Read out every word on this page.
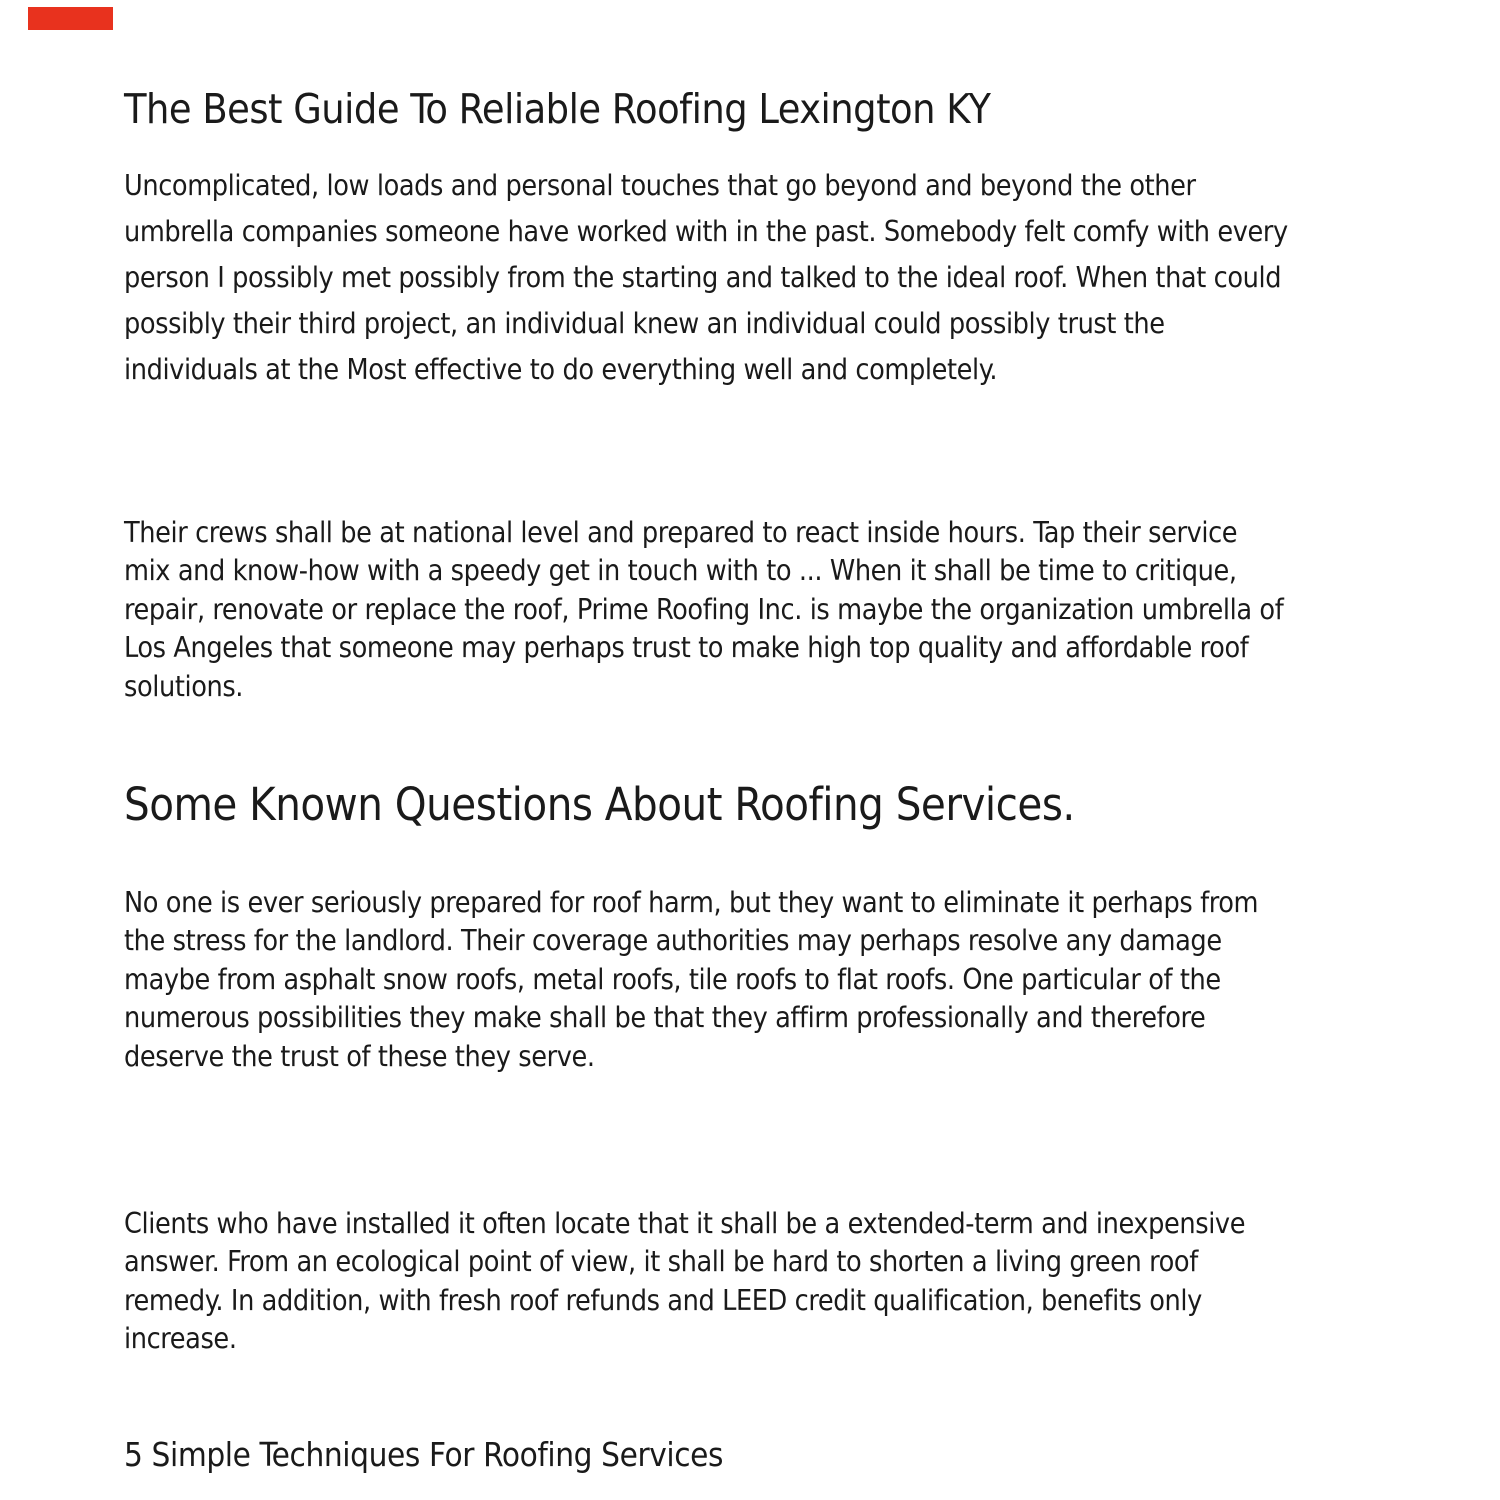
The Best Guide To Reliable Roofing Lexington KY
Uncomplicated, low loads and personal touches that go beyond and beyond the other
umbrella companies someone have worked with in the past. Somebody felt comfy with every
person I possibly met possibly from the starting and talked to the ideal roof. When that could
possibly their third project, an individual knew an individual could possibly trust the
individuals at the Most effective to do everything well and completely.
Their crews shall be at national level and prepared to react inside hours. Tap their service
mix and know-how with a speedy get in touch with to ... When it shall be time to critique,
repair, renovate or replace the roof, Prime Roofing Inc. is maybe the organization umbrella of
Los Angeles that someone may perhaps trust to make high top quality and affordable roof
solutions.
Some Known Questions About Roofing Services.
No one is ever seriously prepared for roof harm, but they want to eliminate it perhaps from
the stress for the landlord. Their coverage authorities may perhaps resolve any damage
maybe from asphalt snow roofs, metal roofs, tile roofs to flat roofs. One particular of the
numerous possibilities they make shall be that they affirm professionally and therefore
deserve the trust of these they serve.
Clients who have installed it often locate that it shall be a extended-term and inexpensive
answer. From an ecological point of view, it shall be hard to shorten a living green roof
remedy. In addition, with fresh roof refunds and LEED credit qualification, benefits only
increase.
5 Simple Techniques For Roofing Services
